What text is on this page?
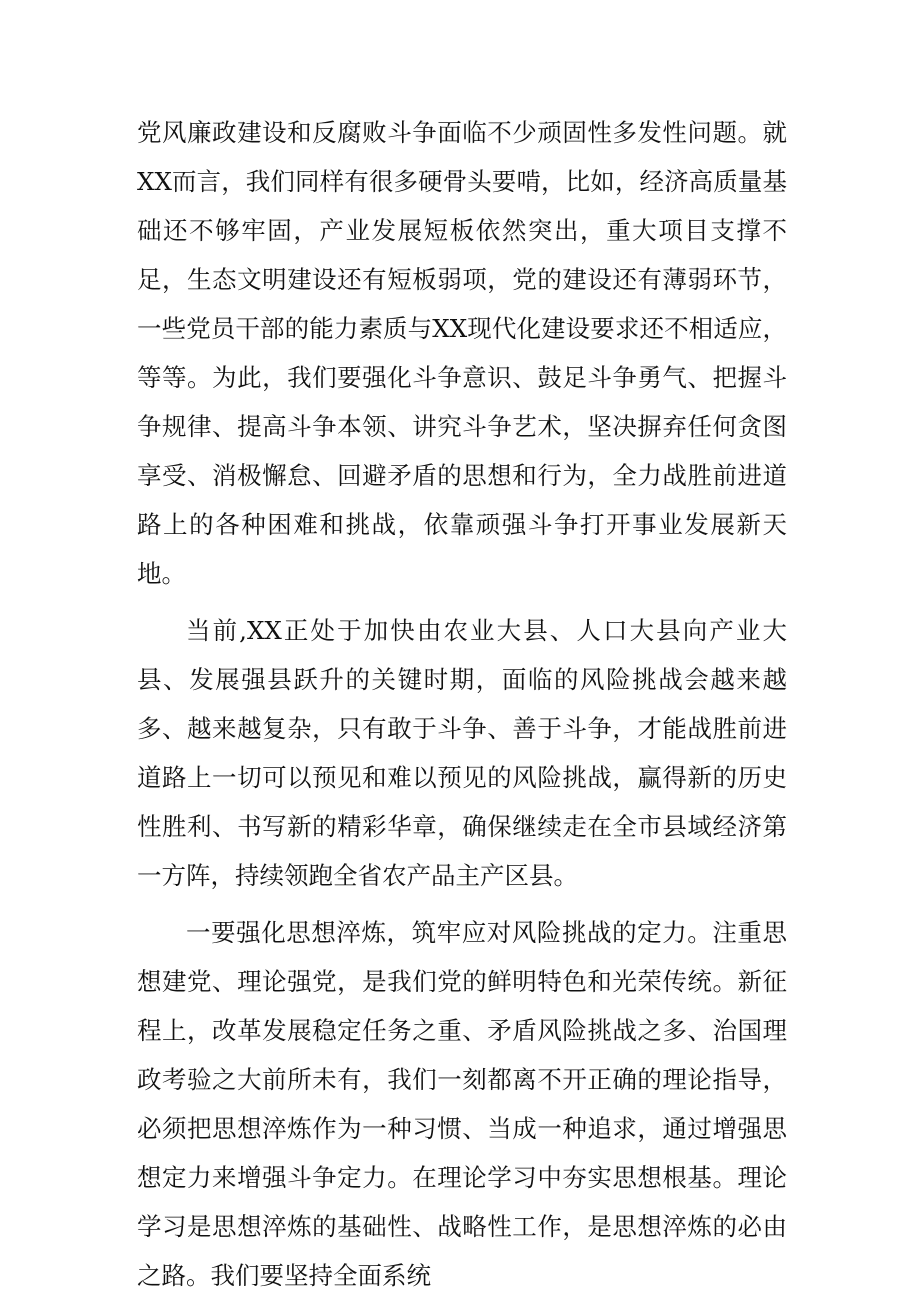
党风廉政建设和反腐败斗争面临不少顽固性多发性问题。就XX而言，我们同样有很多硬骨头要啃，比如，经济高质量基础还不够牢固，产业发展短板依然突出，重大项目支撑不足，生态文明建设还有短板弱项，党的建设还有薄弱环节，一些党员干部的能力素质与XX现代化建设要求还不相适应，等等。为此，我们要强化斗争意识、鼓足斗争勇气、把握斗争规律、提高斗争本领、讲究斗争艺术，坚决摒弃任何贪图享受、消极懈怠、回避矛盾的思想和行为，全力战胜前进道路上的各种困难和挑战，依靠顽强斗争打开事业发展新天地。

当前,XX正处于加快由农业大县、人口大县向产业大县、发展强县跃升的关键时期，面临的风险挑战会越来越多、越来越复杂，只有敢于斗争、善于斗争，才能战胜前进道路上一切可以预见和难以预见的风险挑战，赢得新的历史性胜利、书写新的精彩华章，确保继续走在全市县域经济第一方阵，持续领跑全省农产品主产区县。

一要强化思想淬炼，筑牢应对风险挑战的定力。注重思想建党、理论强党，是我们党的鲜明特色和光荣传统。新征程上，改革发展稳定任务之重、矛盾风险挑战之多、治国理政考验之大前所未有，我们一刻都离不开正确的理论指导，必须把思想淬炼作为一种习惯、当成一种追求，通过增强思想定力来增强斗争定力。在理论学习中夯实思想根基。理论学习是思想淬炼的基础性、战略性工作，是思想淬炼的必由之路。我们要坚持全面系统
